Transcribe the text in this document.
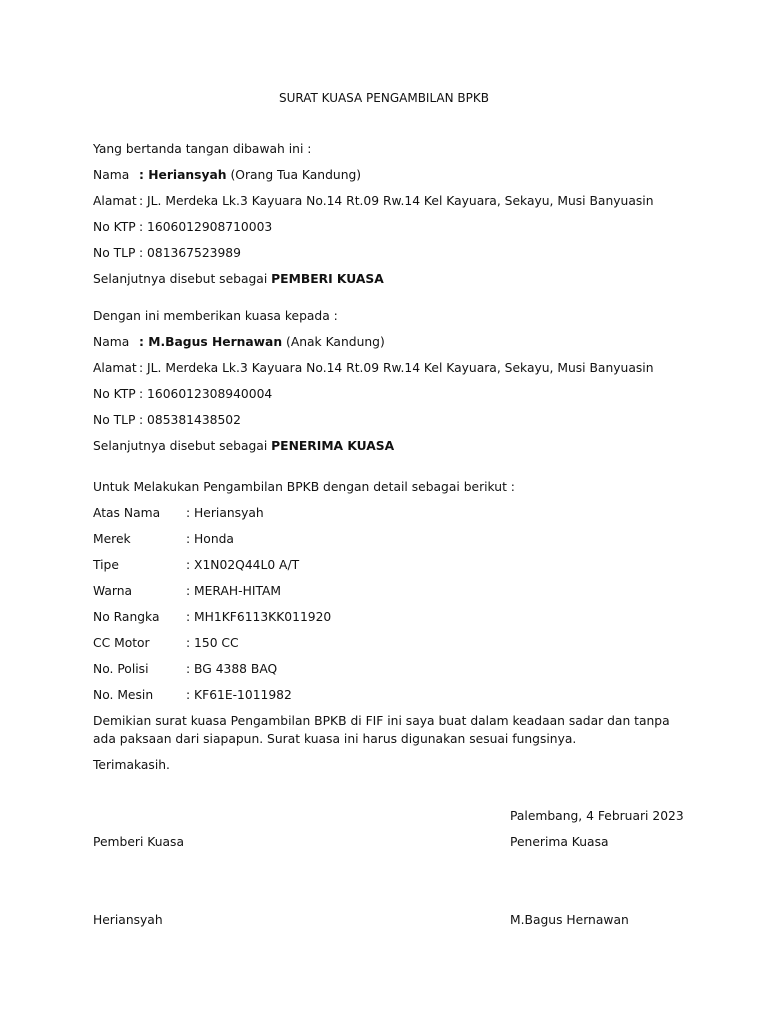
SURAT KUASA PENGAMBILAN BPKB
Yang bertanda tangan dibawah ini :
Nama : Heriansyah (Orang Tua Kandung)
Alamat : JL. Merdeka Lk.3 Kayuara No.14 Rt.09 Rw.14 Kel Kayuara, Sekayu, Musi Banyuasin
No KTP : 1606012908710003
No TLP : 081367523989
Selanjutnya disebut sebagai PEMBERI KUASA
Dengan ini memberikan kuasa kepada :
Nama : M.Bagus Hernawan (Anak Kandung)
Alamat : JL. Merdeka Lk.3 Kayuara No.14 Rt.09 Rw.14 Kel Kayuara, Sekayu, Musi Banyuasin
No KTP : 1606012308940004
No TLP : 085381438502
Selanjutnya disebut sebagai PENERIMA KUASA
Untuk Melakukan Pengambilan BPKB dengan detail sebagai berikut :
Atas Nama : Heriansyah
Merek	: Honda
Tipe	: X1N02Q44L0 A/T
Warna	: MERAH-HITAM
No Rangka : MH1KF6113KK011920
CC Motor	: 150 CC
No. Polisi	: BG 4388 BAQ
No. Mesin	: KF61E-1011982
Demikian surat kuasa Pengambilan BPKB di FIF ini saya buat dalam keadaan sadar dan tanpa ada paksaan dari siapapun. Surat kuasa ini harus digunakan sesuai fungsinya.
Terimakasih.
Palembang, 4 Februari 2023
Pemberi Kuasa	Penerima Kuasa
Heriansyah	M.Bagus Hernawan
